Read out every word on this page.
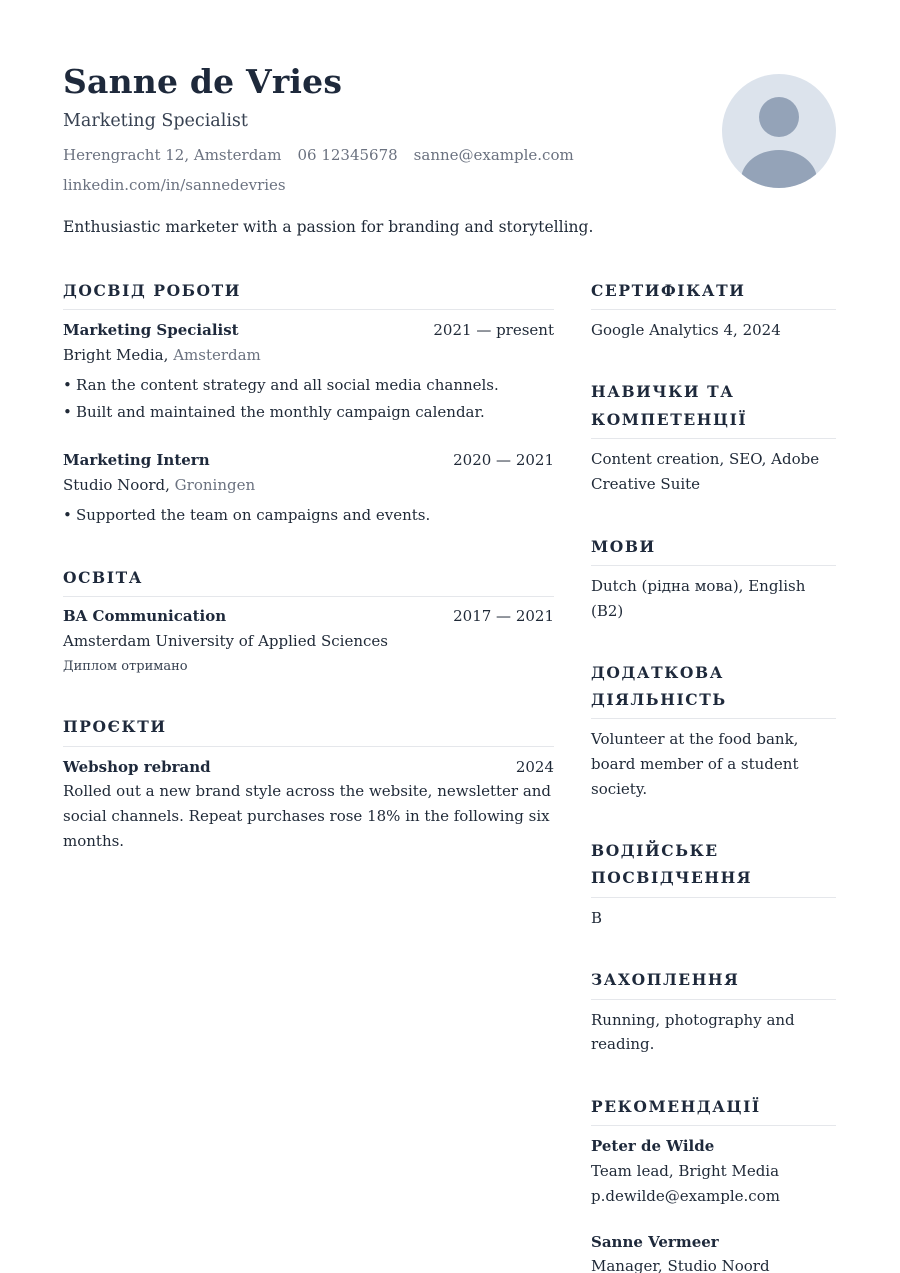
Sanne de Vries
Marketing Specialist
Herengracht 12, Amsterdam 06 12345678 sanne@example.com
linkedin.com/in/sannedevries
Enthusiastic marketer with a passion for branding and storytelling.
ДОСВІД РОБОТИ
Marketing Specialist	2021 — present
Bright Media, Amsterdam
• Ran the content strategy and all social media channels.
• Built and maintained the monthly campaign calendar.
Marketing Intern	2020 — 2021
Studio Noord, Groningen
• Supported the team on campaigns and events.
ОСВІТА
BA Communication	2017 — 2021
Amsterdam University of Applied Sciences
Диплом отримано
ПРОЄКТИ
Webshop rebrand	2024
Rolled out a new brand style across the website, newsletter and
social channels. Repeat purchases rose 18% in the following six
months.
СЕРТИФІКАТИ
Google Analytics 4, 2024
НАВИЧКИ ТА
КОМПЕТЕНЦІЇ
Content creation, SEO, Adobe
Creative Suite
МОВИ
Dutch (рідна мова), English
(B2)
ДОДАТКОВА
ДІЯЛЬНІСТЬ
Volunteer at the food bank,
board member of a student
society.
ВОДІЙСЬКЕ
ПОСВІДЧЕННЯ
B
ЗАХОПЛЕННЯ
Running, photography and
reading.
РЕКОМЕНДАЦІЇ
Peter de Wilde
Team lead, Bright Media
p.dewilde@example.com
Sanne Vermeer
Manager, Studio Noord
